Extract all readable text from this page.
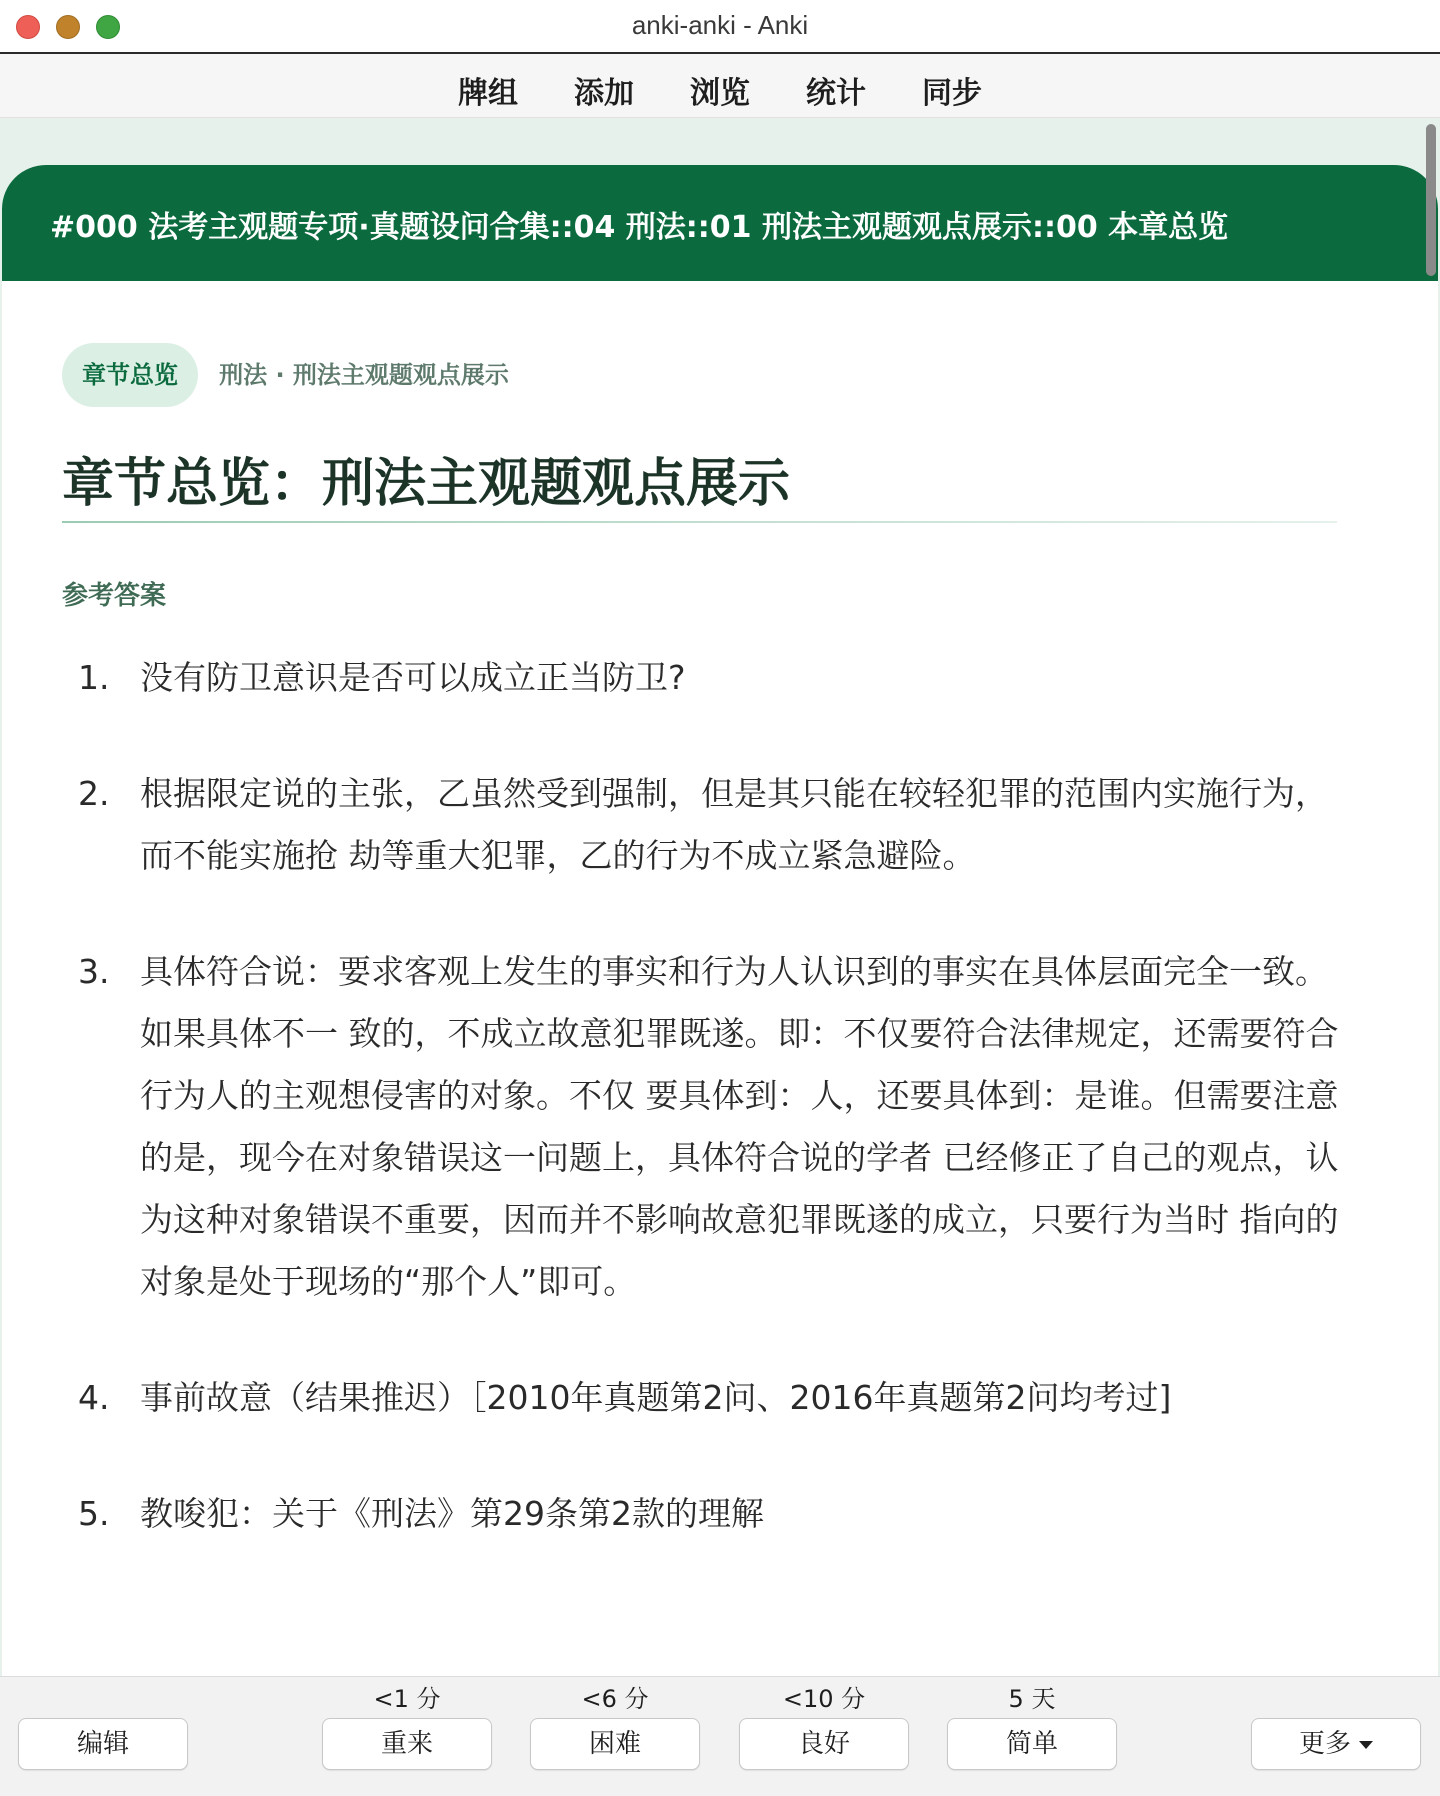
anki-anki - Anki
牌组 添加 浏览 统计 同步
#000 法考主观题专项·真题设问合集::04 刑法::01 刑法主观题观点展示::00 本章总览
章节总览 刑法 · 刑法主观题观点展示
章节总览：刑法主观题观点展示
参考答案
1. 没有防卫意识是否可以成立正当防卫?
2. 根据限定说的主张，乙虽然受到强制，但是其只能在较轻犯罪的范围内实施行为，而不能实施抢 劫等重大犯罪，乙的行为不成立紧急避险。
3. 具体符合说：要求客观上发生的事实和行为人认识到的事实在具体层面完全一致。如果具体不一 致的，不成立故意犯罪既遂。即：不仅要符合法律规定，还需要符合行为人的主观想侵害的对象。不仅 要具体到：人，还要具体到：是谁。但需要注意的是，现今在对象错误这一问题上，具体符合说的学者 已经修正了自己的观点，认为这种对象错误不重要，因而并不影响故意犯罪既遂的成立，只要行为当时 指向的对象是处于现场的“那个人”即可。
4. 事前故意（结果推迟）［2010年真题第2问、2016年真题第2问均考过]
5. 教唆犯：关于《刑法》第29条第2款的理解
编辑
<1 分
重来
<6 分
困难
<10 分
良好
5 天
简单	更多
